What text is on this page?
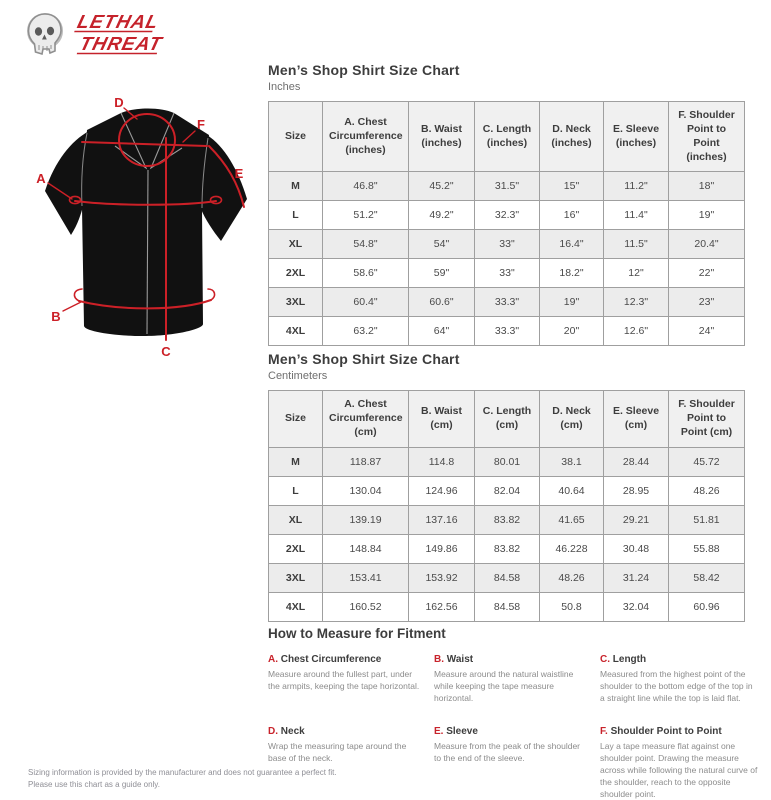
LETHAL
THREAT
A
B
C
D
E
F
Men’s Shop Shirt Size Chart
Inches
Size	A. Chest Circumference (inches)	B. Waist (inches)	C. Length (inches)	D. Neck (inches)	E. Sleeve (inches)	F. Shoulder Point to Point (inches)
M	46.8"	45.2"	31.5"	15"	11.2"	18"
L	51.2"	49.2"	32.3"	16"	11.4"	19"
XL	54.8"	54"	33"	16.4"	11.5"	20.4"
2XL	58.6"	59"	33"	18.2"	12"	22"
3XL	60.4"	60.6"	33.3"	19"	12.3"	23"
4XL	63.2"	64"	33.3"	20"	12.6"	24"
Men’s Shop Shirt Size Chart
Centimeters
Size	A. Chest Circumference (cm)	B. Waist (cm)	C. Length (cm)	D. Neck (cm)	E. Sleeve (cm)	F. Shoulder Point to Point (cm)
M	118.87	114.8	80.01	38.1	28.44	45.72
L	130.04	124.96	82.04	40.64	28.95	48.26
XL	139.19	137.16	83.82	41.65	29.21	51.81
2XL	148.84	149.86	83.82	46.228	30.48	55.88
3XL	153.41	153.92	84.58	48.26	31.24	58.42
4XL	160.52	162.56	84.58	50.8	32.04	60.96
How to Measure for Fitment
A. Chest Circumference
Measure around the fullest part, under the armpits, keeping the tape horizontal.
B. Waist
Measure around the natural waistline while keeping the tape measure horizontal.
C. Length
Measured from the highest point of the shoulder to the bottom edge of the top in a straight line while the top is laid flat.
D. Neck
Wrap the measuring tape around the base of the neck.
E. Sleeve
Measure from the peak of the shoulder to the end of the sleeve.
F. Shoulder Point to Point
Lay a tape measure flat against one shoulder point. Drawing the measure across while following the natural curve of the shoulder, reach to the opposite shoulder point.
Sizing information is provided by the manufacturer and does not guarantee a perfect fit.
Please use this chart as a guide only.
